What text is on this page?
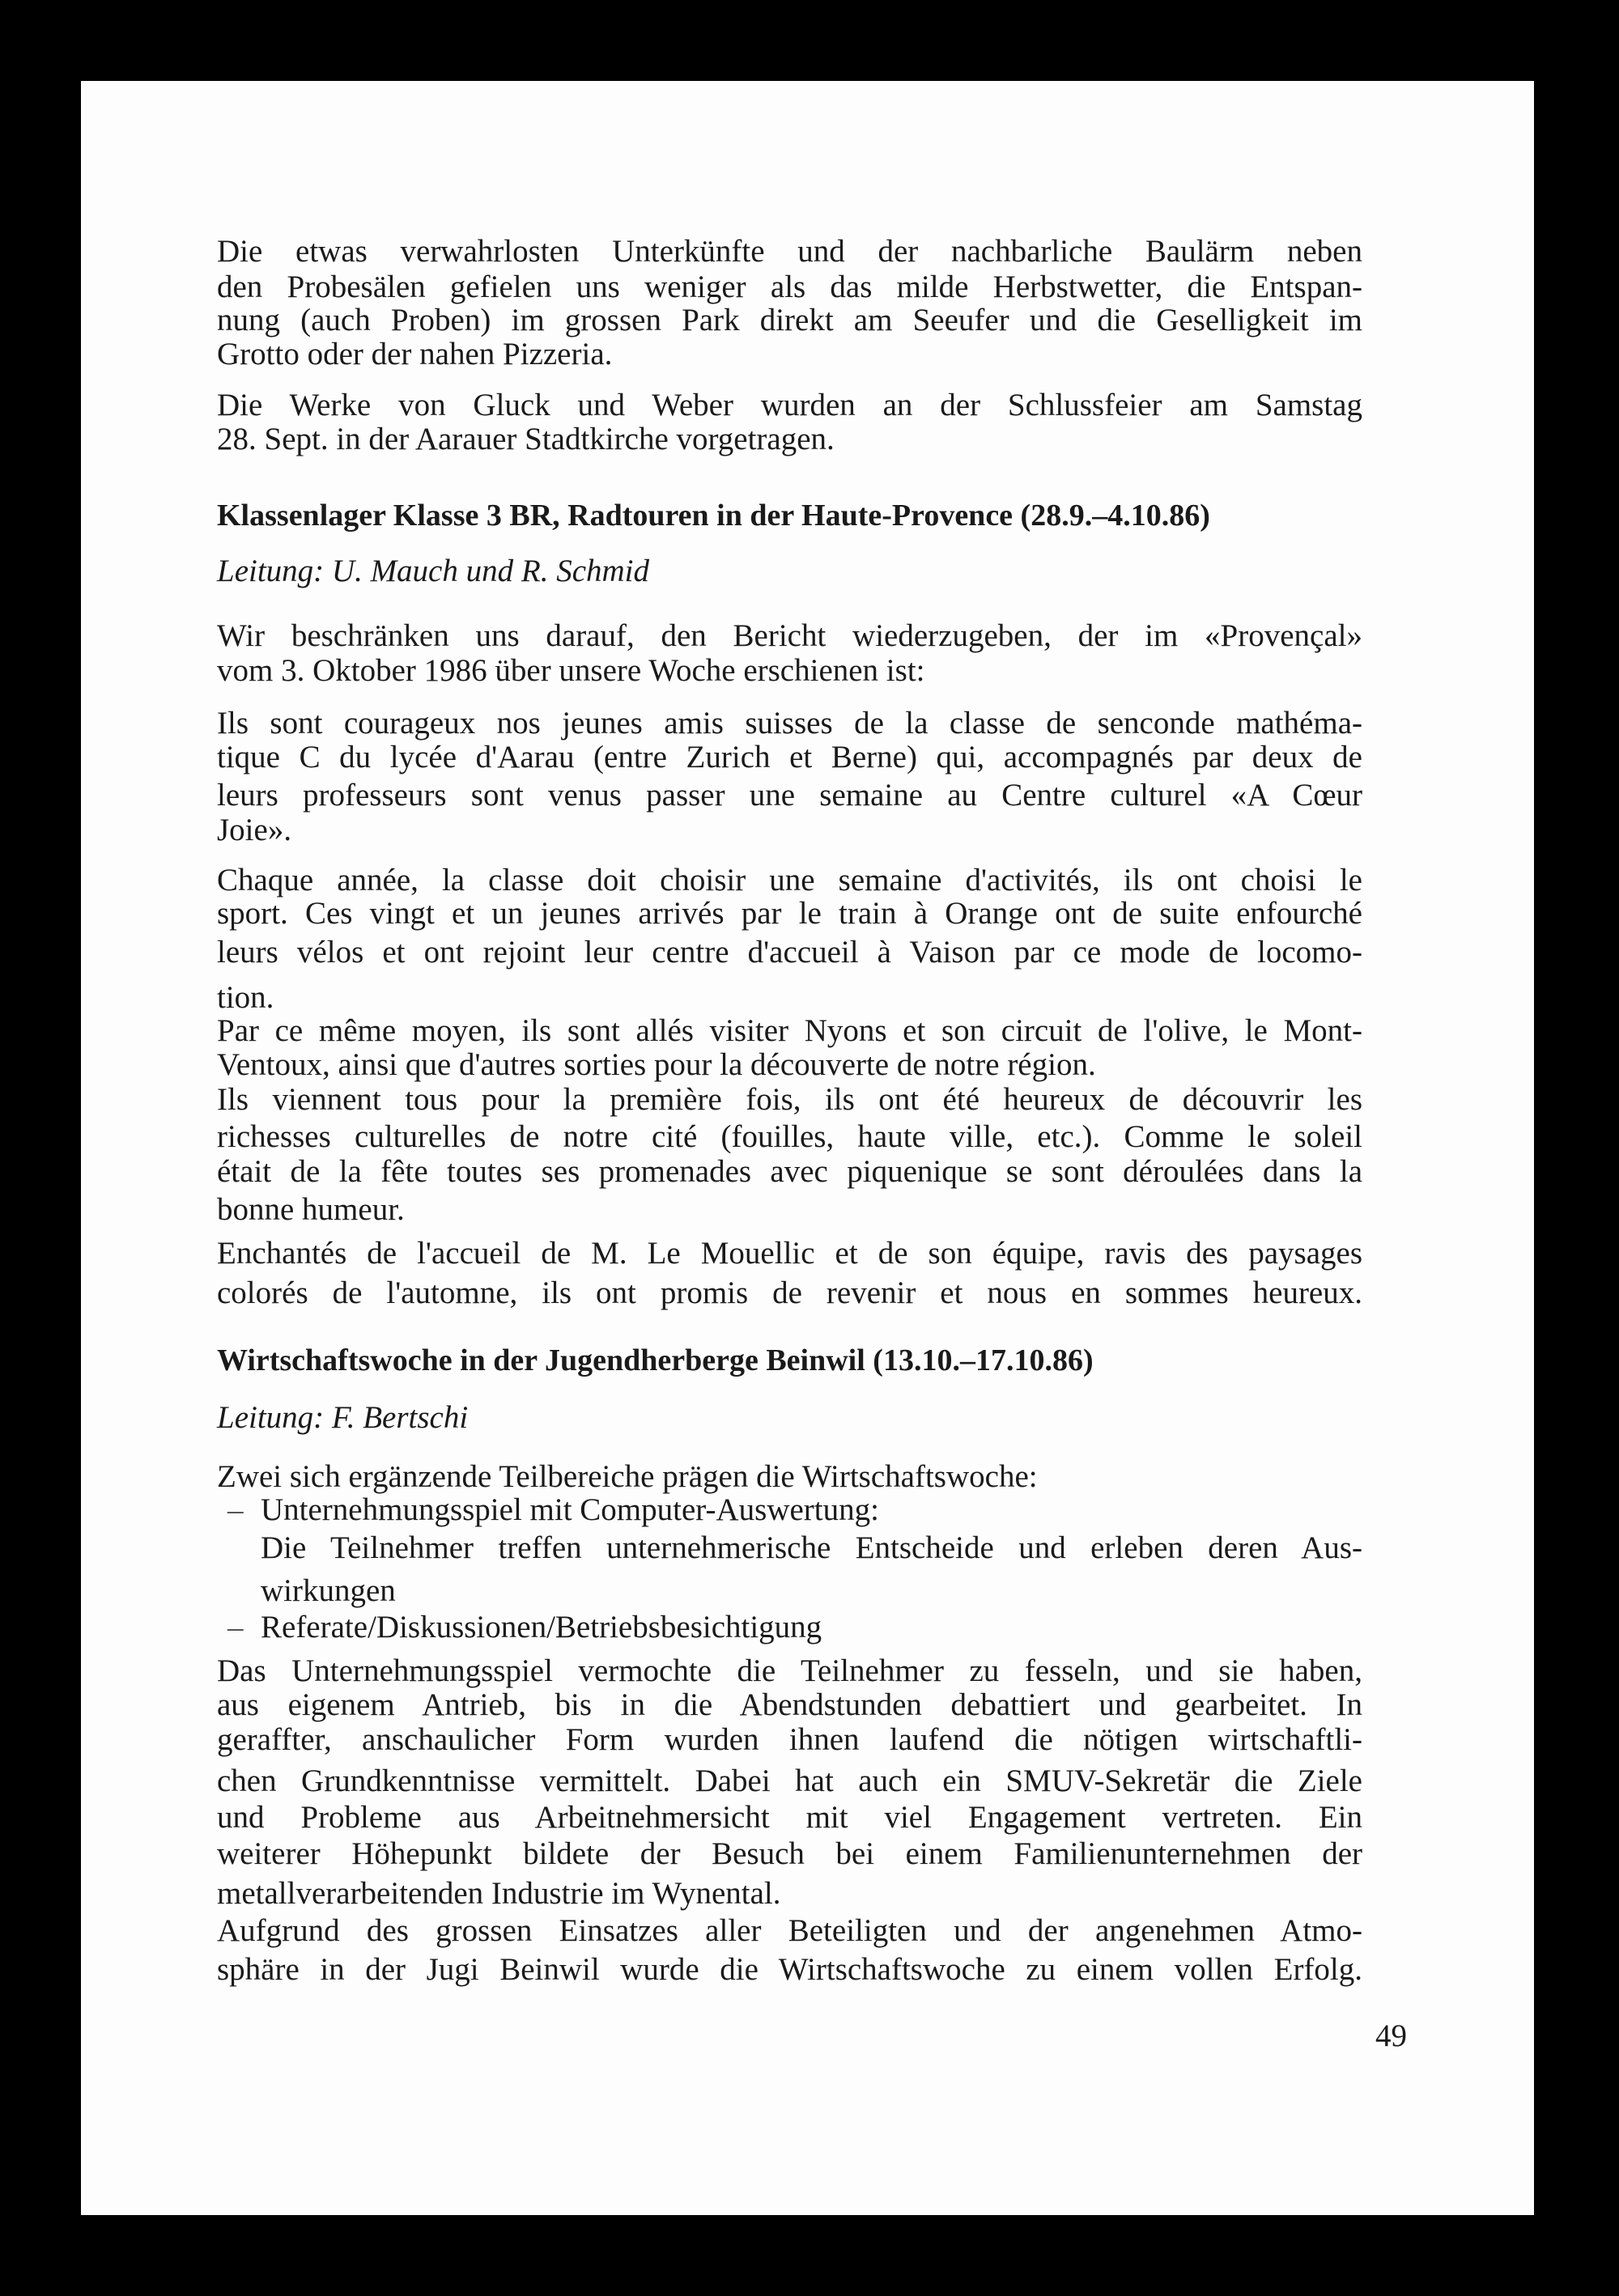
49
Die etwas verwahrlosten Unterkünfte und der nachbarliche Baulärm neben
den Probesälen gefielen uns weniger als das milde Herbstwetter, die Entspan-
nung (auch Proben) im grossen Park direkt am Seeufer und die Geselligkeit im
Grotto oder der nahen Pizzeria.
Die Werke von Gluck und Weber wurden an der Schlussfeier am Samstag
28. Sept. in der Aarauer Stadtkirche vorgetragen.
Klassenlager Klasse 3 BR, Radtouren in der Haute-Provence (28.9.–4.10.86)
Leitung: U. Mauch und R. Schmid
Wir beschränken uns darauf, den Bericht wiederzugeben, der im «Provençal»
vom 3. Oktober 1986 über unsere Woche erschienen ist:
Ils sont courageux nos jeunes amis suisses de la classe de senconde mathéma-
tique C du lycée d'Aarau (entre Zurich et Berne) qui, accompagnés par deux de
leurs professeurs sont venus passer une semaine au Centre culturel «A Cœur
Joie».
Chaque année, la classe doit choisir une semaine d'activités, ils ont choisi le
sport. Ces vingt et un jeunes arrivés par le train à Orange ont de suite enfourché
leurs vélos et ont rejoint leur centre d'accueil à Vaison par ce mode de locomo-
tion.
Par ce même moyen, ils sont allés visiter Nyons et son circuit de l'olive, le Mont-
Ventoux, ainsi que d'autres sorties pour la découverte de notre région.
Ils viennent tous pour la première fois, ils ont été heureux de découvrir les
richesses culturelles de notre cité (fouilles, haute ville, etc.). Comme le soleil
était de la fête toutes ses promenades avec piquenique se sont déroulées dans la
bonne humeur.
Enchantés de l'accueil de M. Le Mouellic et de son équipe, ravis des paysages
colorés de l'automne, ils ont promis de revenir et nous en sommes heureux.
Wirtschaftswoche in der Jugendherberge Beinwil (13.10.–17.10.86)
Leitung: F. Bertschi
Zwei sich ergänzende Teilbereiche prägen die Wirtschaftswoche:
Unternehmungsspiel mit Computer-Auswertung:
–
Die Teilnehmer treffen unternehmerische Entscheide und erleben deren Aus-
wirkungen
Referate/Diskussionen/Betriebsbesichtigung
–
Das Unternehmungsspiel vermochte die Teilnehmer zu fesseln, und sie haben,
aus eigenem Antrieb, bis in die Abendstunden debattiert und gearbeitet. In
geraffter, anschaulicher Form wurden ihnen laufend die nötigen wirtschaftli-
chen Grundkenntnisse vermittelt. Dabei hat auch ein SMUV-Sekretär die Ziele
und Probleme aus Arbeitnehmersicht mit viel Engagement vertreten. Ein
weiterer Höhepunkt bildete der Besuch bei einem Familienunternehmen der
metallverarbeitenden Industrie im Wynental.
Aufgrund des grossen Einsatzes aller Beteiligten und der angenehmen Atmo-
sphäre in der Jugi Beinwil wurde die Wirtschaftswoche zu einem vollen Erfolg.
